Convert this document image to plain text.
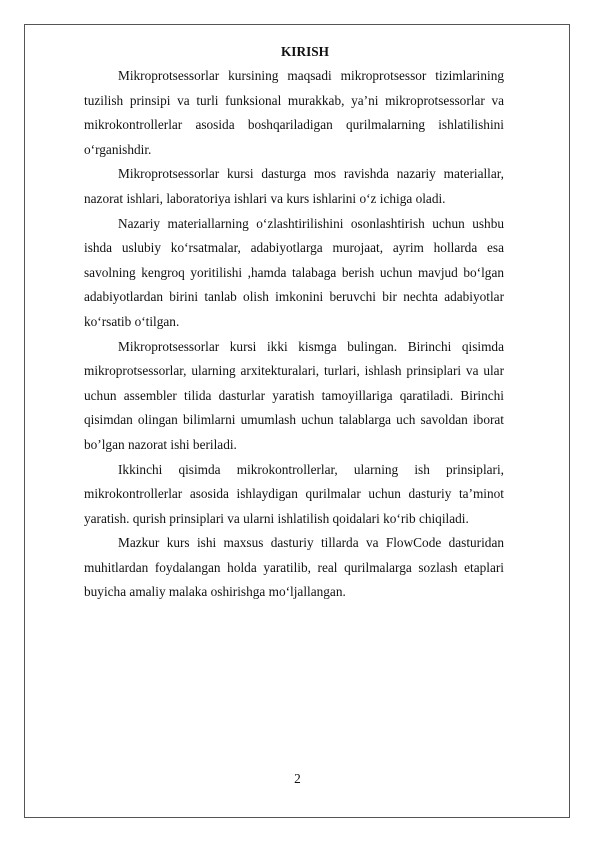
KIRISH

Mikroprotsessorlar kursining maqsadi mikroprotsessor tizimlarining tuzilish prinsipi va turli funksional murakkab, ya’ni mikroprotsessorlar va mikrokontrollerlar asosida boshqariladigan qurilmalarning ishlatilishini o‘rganishdir.

Mikroprotsessorlar kursi dasturga mos ravishda nazariy materiallar, nazorat ishlari, laboratoriya ishlari va kurs ishlarini o‘z ichiga oladi.

Nazariy materiallarning o‘zlashtirilishini osonlashtirish uchun ushbu ishda uslubiy ko‘rsatmalar, adabiyotlarga murojaat, ayrim hollarda esa savolning kengroq yoritilishi ,hamda talabaga berish uchun mavjud bo‘lgan adabiyotlardan birini tanlab olish imkonini beruvchi bir nechta adabiyotlar ko‘rsatib o‘tilgan.

Mikroprotsessorlar kursi ikki kismga bulingan. Birinchi qisimda mikroprotsessorlar, ularning arxitekturalari, turlari, ishlash prinsiplari va ular uchun assembler tilida dasturlar yaratish tamoyillariga qaratiladi. Birinchi qisimdan olingan bilimlarni umumlash uchun talablarga uch savoldan iborat bo’lgan nazorat ishi beriladi.

Ikkinchi qisimda mikrokontrollerlar, ularning ish prinsiplari, mikrokontrollerlar asosida ishlaydigan qurilmalar uchun dasturiy ta’minot yaratish. qurish prinsiplari va ularni ishlatilish qoidalari ko‘rib chiqiladi.

Mazkur kurs ishi maxsus dasturiy tillarda va FlowCode dasturidan muhitlardan foydalangan holda yaratilib, real qurilmalarga sozlash etaplari buyicha amaliy malaka oshirishga mo‘ljallangan.

2
